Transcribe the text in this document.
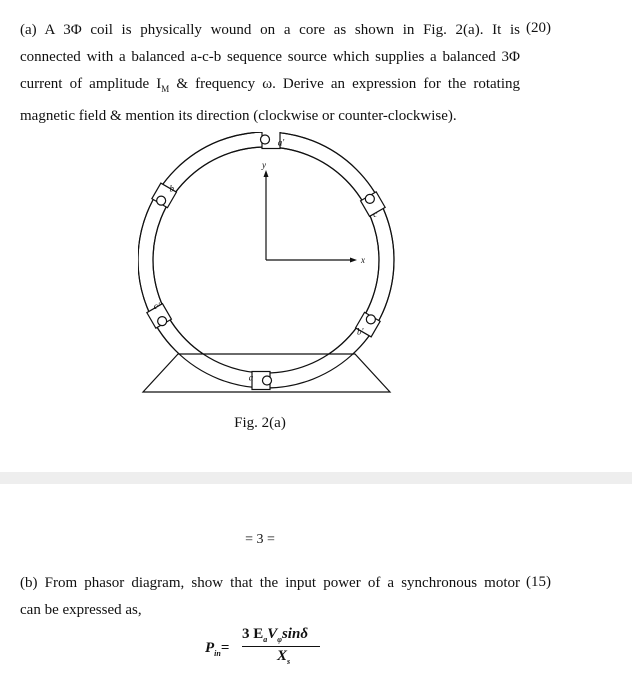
(a) A 3Φ coil is physically wound on a core as shown in Fig. 2(a). It is
connected with a balanced a-c-b sequence source which supplies a balanced 3Φ
current of amplitude $I_M$ & frequency ω. Derive an expression for the rotating
magnetic field & mention its direction (clockwise or counter-clockwise).
(20)
a'
c
b'
a
c'
b
y
x
Fig. 2(a)
= 3 =
(b) From phasor diagram, show that the input power of a synchronous motor
can be expressed as,
(15)
$P_{in}=$
3 $E_aV_\varphi\sin\delta$
$X_s$
